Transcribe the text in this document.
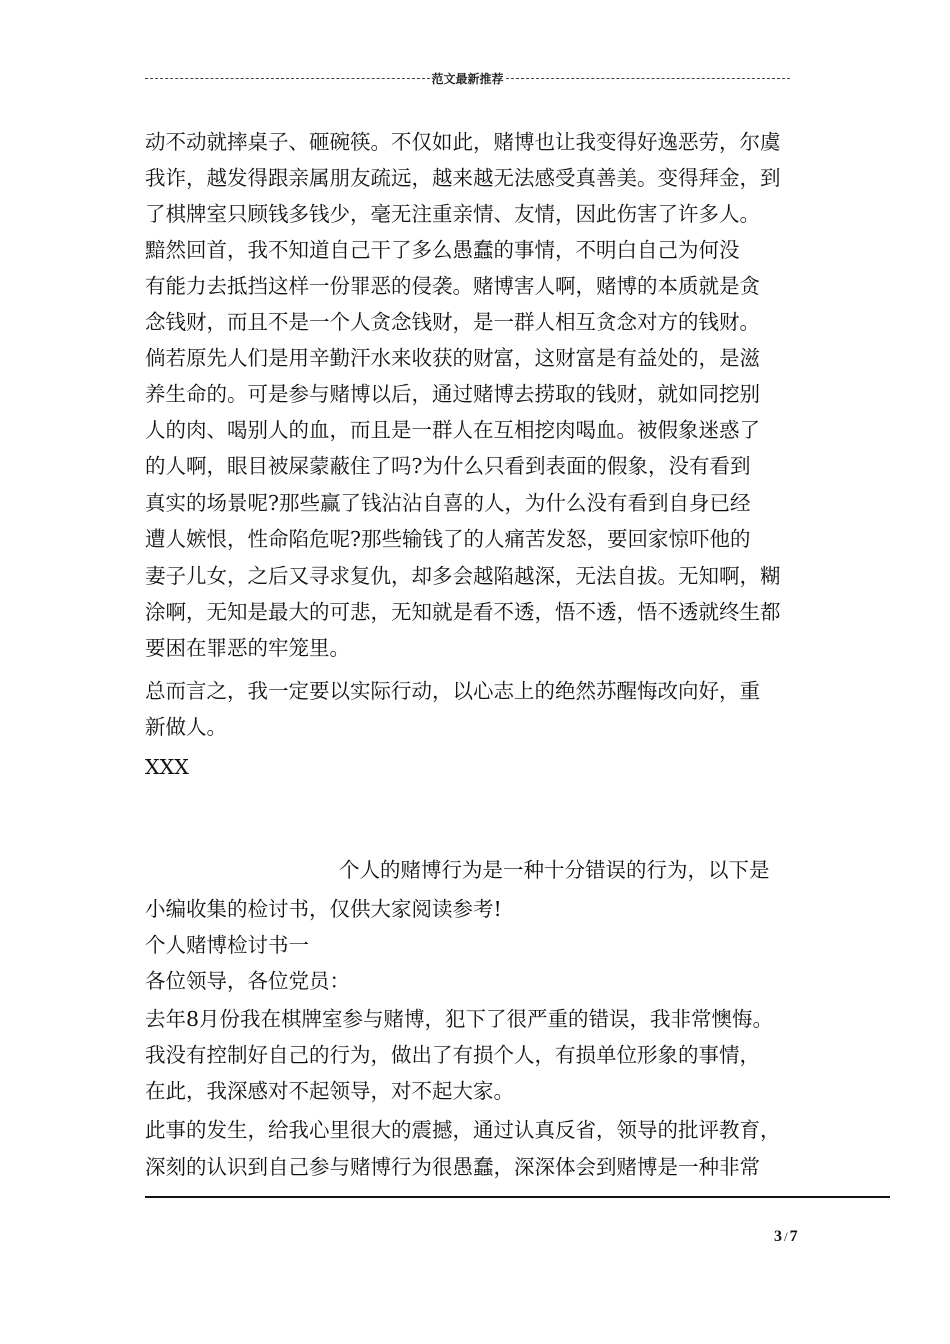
范文最新推荐
动不动就摔桌子、砸碗筷。不仅如此，赌博也让我变得好逸恶劳，尔虞
我诈，越发得跟亲属朋友疏远，越来越无法感受真善美。变得拜金，到
了棋牌室只顾钱多钱少，毫无注重亲情、友情，因此伤害了许多人。
黯然回首，我不知道自己干了多么愚蠢的事情，不明白自己为何没
有能力去抵挡这样一份罪恶的侵袭。赌博害人啊，赌博的本质就是贪
念钱财，而且不是一个人贪念钱财，是一群人相互贪念对方的钱财。
倘若原先人们是用辛勤汗水来收获的财富，这财富是有益处的，是滋
养生命的。可是参与赌博以后，通过赌博去捞取的钱财，就如同挖别
人的肉、喝别人的血，而且是一群人在互相挖肉喝血。被假象迷惑了
的人啊，眼目被屎蒙蔽住了吗?为什么只看到表面的假象，没有看到
真实的场景呢?那些赢了钱沾沾自喜的人，为什么没有看到自身已经
遭人嫉恨，性命陷危呢?那些输钱了的人痛苦发怒，要回家惊吓他的
妻子儿女，之后又寻求复仇，却多会越陷越深，无法自拔。无知啊，糊
涂啊，无知是最大的可悲，无知就是看不透，悟不透，悟不透就终生都
要困在罪恶的牢笼里。
总而言之，我一定要以实际行动，以心志上的绝然苏醒悔改向好，重
新做人。
XXX
个人的赌博行为是一种十分错误的行为，以下是
小编收集的检讨书，仅供大家阅读参考!
个人赌博检讨书一
各位领导，各位党员：
去年8月份我在棋牌室参与赌博，犯下了很严重的错误，我非常懊悔。
我没有控制好自己的行为，做出了有损个人，有损单位形象的事情，
在此，我深感对不起领导，对不起大家。
此事的发生，给我心里很大的震撼，通过认真反省，领导的批评教育，
深刻的认识到自己参与赌博行为很愚蠢，深深体会到赌博是一种非常
3 / 7
